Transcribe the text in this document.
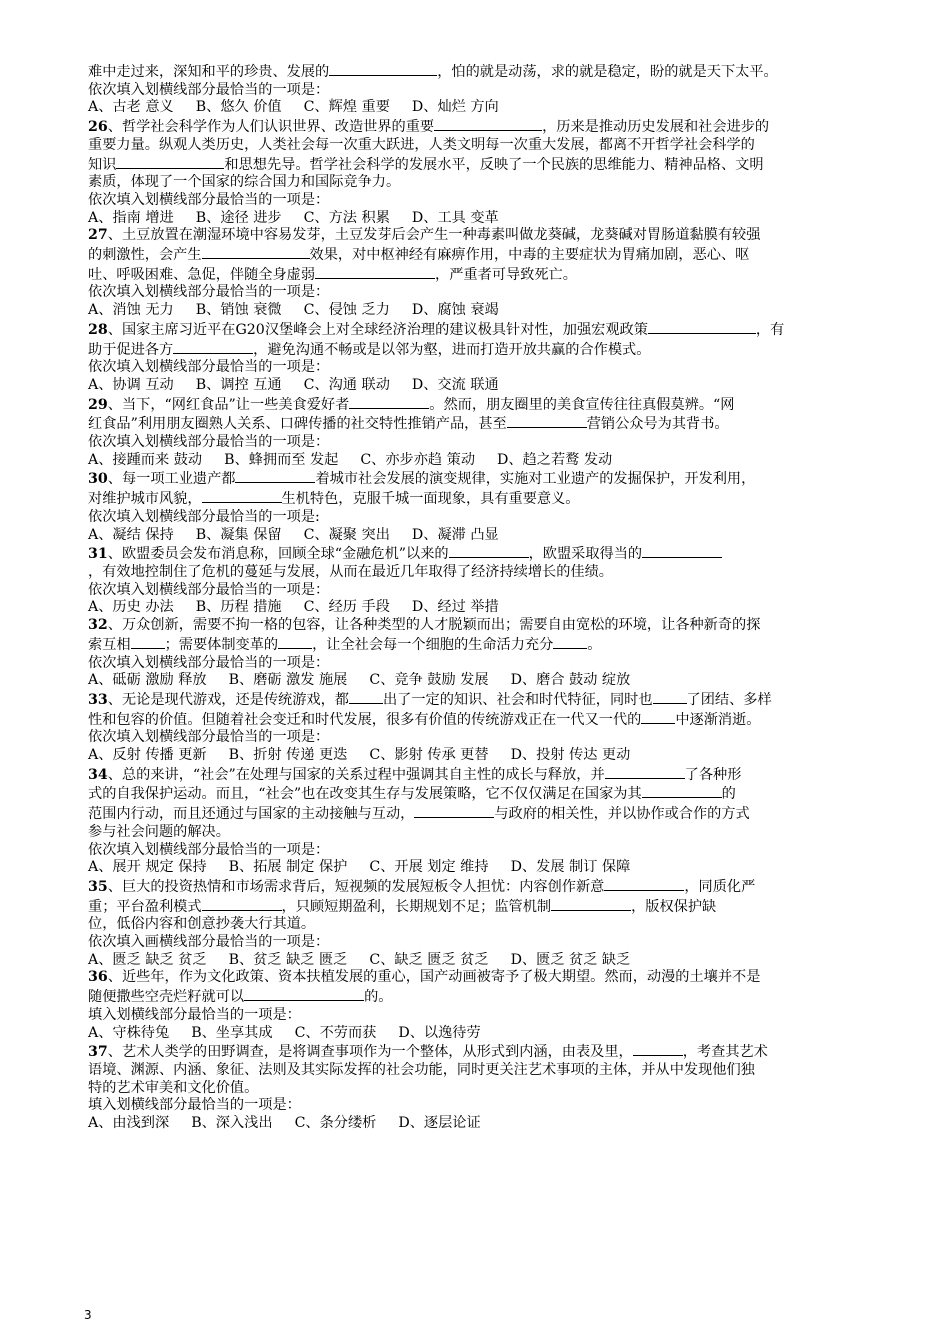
难中走过来，深知和平的珍贵、发展的	，怕的就是动荡，求的就是稳定，盼的就是天下太平。

依次填入划横线部分最恰当的一项是：

A、古老 意义 B、悠久 价值 C、辉煌 重要 D、灿烂 方向

26、哲学社会科学作为人们认识世界、改造世界的重要	，历来是推动历史发展和社会进步的

重要力量。纵观人类历史，人类社会每一次重大跃进，人类文明每一次重大发展，都离不开哲学社会科学的

知识	和思想先导。哲学社会科学的发展水平，反映了一个民族的思维能力、精神品格、文明

素质，体现了一个国家的综合国力和国际竞争力。

依次填入划横线部分最恰当的一项是：

A、指南 增进 B、途径 进步 C、方法 积累 D、工具 变革

27、土豆放置在潮湿环境中容易发芽，土豆发芽后会产生一种毒素叫做龙葵碱，龙葵碱对胃肠道黏膜有较强

的刺激性，会产生	效果，对中枢神经有麻痹作用，中毒的主要症状为胃痛加剧，恶心、呕

吐、呼吸困难、急促，伴随全身虚弱	，严重者可导致死亡。

依次填入划横线部分最恰当的一项是：

A、消蚀 无力 B、销蚀 衰微 C、侵蚀 乏力 D、腐蚀 衰竭

28、国家主席习近平在G20汉堡峰会上对全球经济治理的建议极具针对性，加强宏观政策	，有

助于促进各方	，避免沟通不畅或是以邻为壑，进而打造开放共赢的合作模式。

依次填入划横线部分最恰当的一项是：

A、协调 互动 B、调控 互通 C、沟通 联动 D、交流 联通

29、当下，“网红食品”让一些美食爱好者	。然而，朋友圈里的美食宣传往往真假莫辨。“网

红食品”利用朋友圈熟人关系、口碑传播的社交特性推销产品，甚至	营销公众号为其背书。

依次填入划横线部分最恰当的一项是：

A、接踵而来 鼓动 B、蜂拥而至 发起 C、亦步亦趋 策动 D、趋之若鹜 发动

30、每一项工业遗产都	着城市社会发展的演变规律，实施对工业遗产的发掘保护，开发利用，

对维护城市风貌，	生机特色，克服千城一面现象，具有重要意义。

依次填入划横线部分最恰当的一项是:

A、凝结 保持 B、凝集 保留 C、凝聚 突出 D、凝滞 凸显

31、欧盟委员会发布消息称，回顾全球“金融危机”以来的	，欧盟采取得当的

，有效地控制住了危机的蔓延与发展，从而在最近几年取得了经济持续增长的佳绩。

依次填入划横线部分最恰当的一项是：

A、历史 办法 B、历程 措施 C、经历 手段 D、经过 举措

32、万众创新，需要不拘一格的包容，让各种类型的人才脱颖而出；需要自由宽松的环境，让各种新奇的探

索互相 ；需要体制变革的 ，让全社会每一个细胞的生命活力充分 。

依次填入划横线部分最恰当的一项是：

A、砥砺 激励 释放 B、磨砺 激发 施展 C、竞争 鼓励 发展 D、磨合 鼓动 绽放

33、无论是现代游戏，还是传统游戏，都 出了一定的知识、社会和时代特征，同时也 了团结、多样

性和包容的价值。但随着社会变迁和时代发展，很多有价值的传统游戏正在一代又一代的 中逐渐消逝。

依次填入划横线部分最恰当的一项是：

A、反射 传播 更新 B、折射 传递 更迭 C、影射 传承 更替 D、投射 传达 更动

34、总的来讲，“社会”在处理与国家的关系过程中强调其自主性的成长与释放，并	了各种形

式的自我保护运动。而且，“社会”也在改变其生存与发展策略，它不仅仅满足在国家为其	的

范围内行动，而且还通过与国家的主动接触与互动，	与政府的相关性，并以协作或合作的方式

参与社会问题的解决。

依次填入划横线部分最恰当的一项是：

A、展开 规定 保持 B、拓展 制定 保护 C、开展 划定 维持 D、发展 制订 保障

35、巨大的投资热情和市场需求背后，短视频的发展短板令人担忧：内容创作新意	，同质化严

重；平台盈利模式	，只顾短期盈利，长期规划不足；监管机制	，版权保护缺

位，低俗内容和创意抄袭大行其道。

依次填入画横线部分最恰当的一项是：

A、匮乏 缺乏 贫乏 B、贫乏 缺乏 匮乏 C、缺乏 匮乏 贫乏 D、匮乏 贫乏 缺乏

36、近些年，作为文化政策、资本扶植发展的重心，国产动画被寄予了极大期望。然而，动漫的土壤并不是

随便撒些空壳烂籽就可以	的。

填入划横线部分最恰当的一项是：

A、守株待兔 B、坐享其成 C、不劳而获 D、以逸待劳

37、艺术人类学的田野调查，是将调查事项作为一个整体，从形式到内涵，由表及里，	，考查其艺术

语境、渊源、内涵、象征、法则及其实际发挥的社会功能，同时更关注艺术事项的主体，并从中发现他们独

特的艺术审美和文化价值。

填入划横线部分最恰当的一项是：

A、由浅到深 B、深入浅出 C、条分缕析 D、逐层论证

3
